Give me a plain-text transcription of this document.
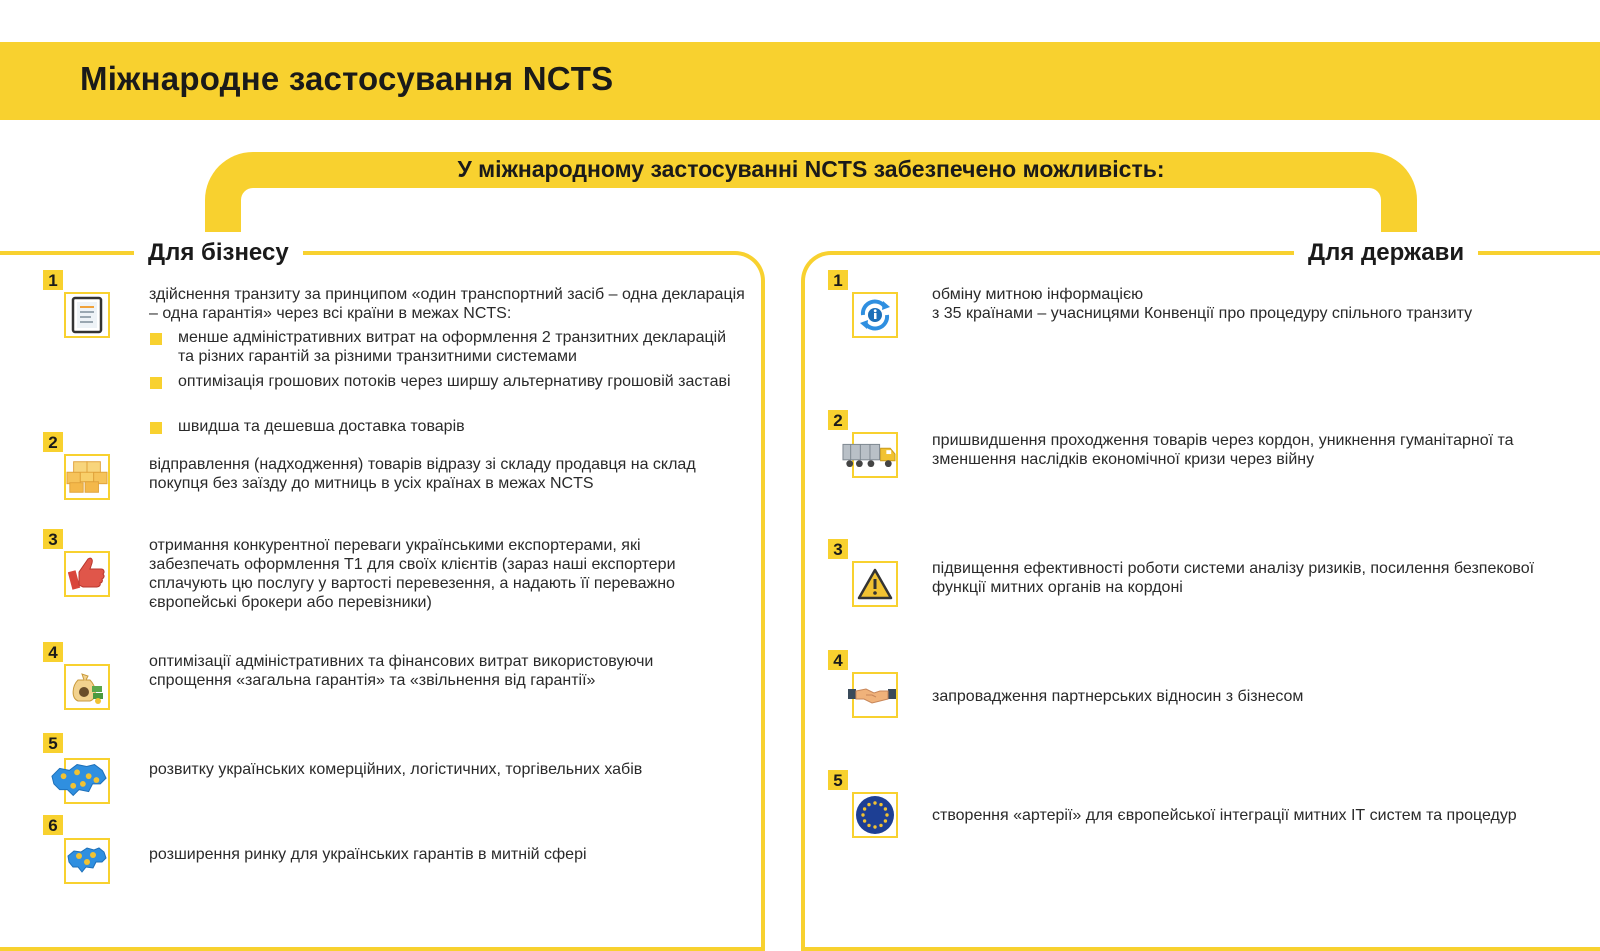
Міжнародне застосування NCTS

У міжнародному застосуванні NCTS забезпечено можливість:

Для бізнесу	Для держави
1

здійснення транзиту за принципом «один транспортний засіб – одна декларація – одна гарантія» через всі країни в межах NCTS:

менше адміністративних витрат на оформлення 2 транзитних декларацій та різних гарантій за різними транзитними системами

оптимізація грошових потоків через ширшу альтернативу грошовій заставі

швидша та дешевша доставка товарів

2

відправлення (надходження) товарів відразу зі складу продавця на склад покупця без заїзду до митниць в усіх країнах в межах NCTS

3	отримання конкурентної переваги українськими експортерами, які забезпечать оформлення Т1 для своїх клієнтів (зараз наші експортери сплачують цю послугу у вартості перевезення, а надають її переважно європейські брокери або перевізники)

4	оптимізації адміністративних та фінансових витрат використовуючи спрощення «загальна гарантія» та «звільнення від гарантії»

5

розвитку українських комерційних, логістичних, торгівельних хабів

6

розширення ринку для українських гарантів в митній сфері

1

обміну митною інформацією
з 35 країнами – учасницями Конвенції про процедуру спільного транзиту

2

пришвидшення проходження товарів через кордон, уникнення гуманітарної та зменшення наслідків економічної кризи через війну

3

підвищення ефективності роботи системи аналізу ризиків, посилення безпекової функції митних органів на кордоні

4

запровадження партнерських відносин з бізнесом

5

створення «артерії» для європейської інтеграції митних ІТ систем та процедур
